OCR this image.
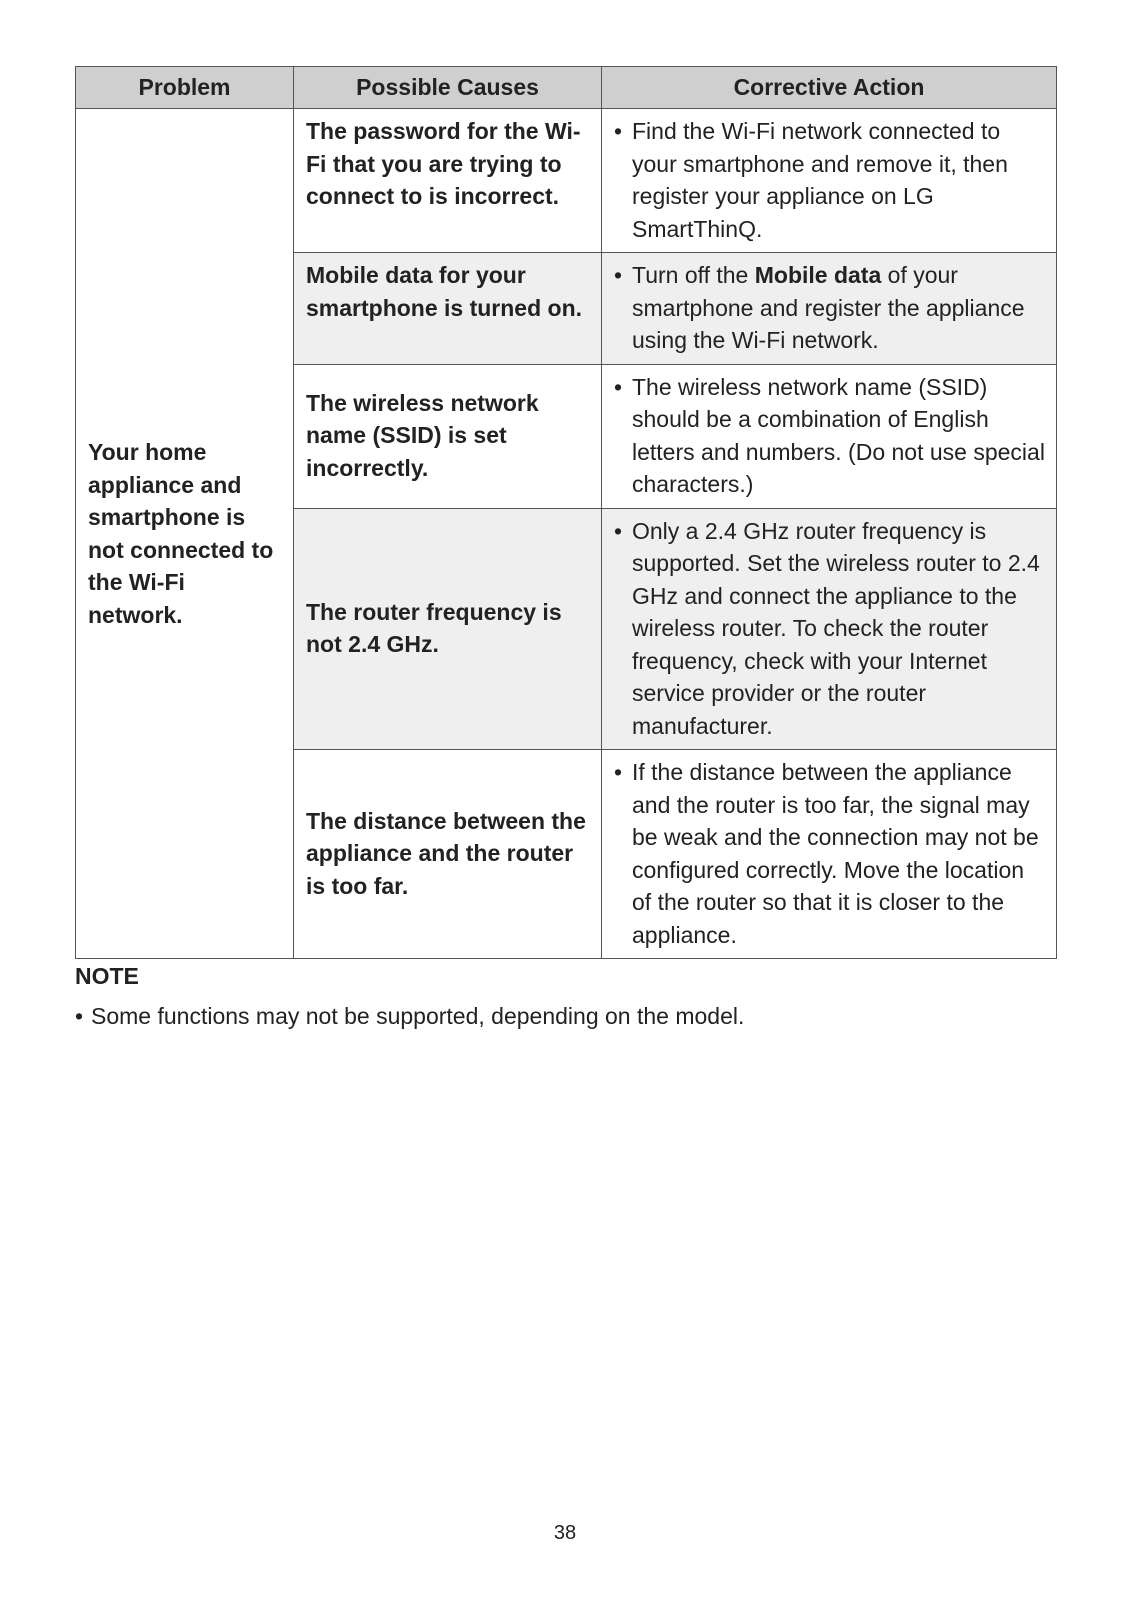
Problem	Possible Causes	Corrective Action
Your home appliance and smartphone is not connected to the Wi-Fi network.	The password for the Wi-Fi that you are trying to connect to is incorrect.	• Find the Wi-Fi network connected to your smartphone and remove it, then register your appliance on LG SmartThinQ.

	Mobile data for your smartphone is turned on.	• Turn off the Mobile data of your smartphone and register the appliance using the Wi-Fi network.

	The wireless network name (SSID) is set incorrectly.	• The wireless network name (SSID) should be a combination of English letters and numbers. (Do not use special characters.)

	The router frequency is not 2.4 GHz.	• Only a 2.4 GHz router frequency is supported. Set the wireless router to 2.4 GHz and connect the appliance to the wireless router. To check the router frequency, check with your Internet service provider or the router manufacturer.

	The distance between the appliance and the router is too far.	• If the distance between the appliance and the router is too far, the signal may be weak and the connection may not be configured correctly. Move the location of the router so that it is closer to the appliance.
NOTE
• Some functions may not be supported, depending on the model.
38
